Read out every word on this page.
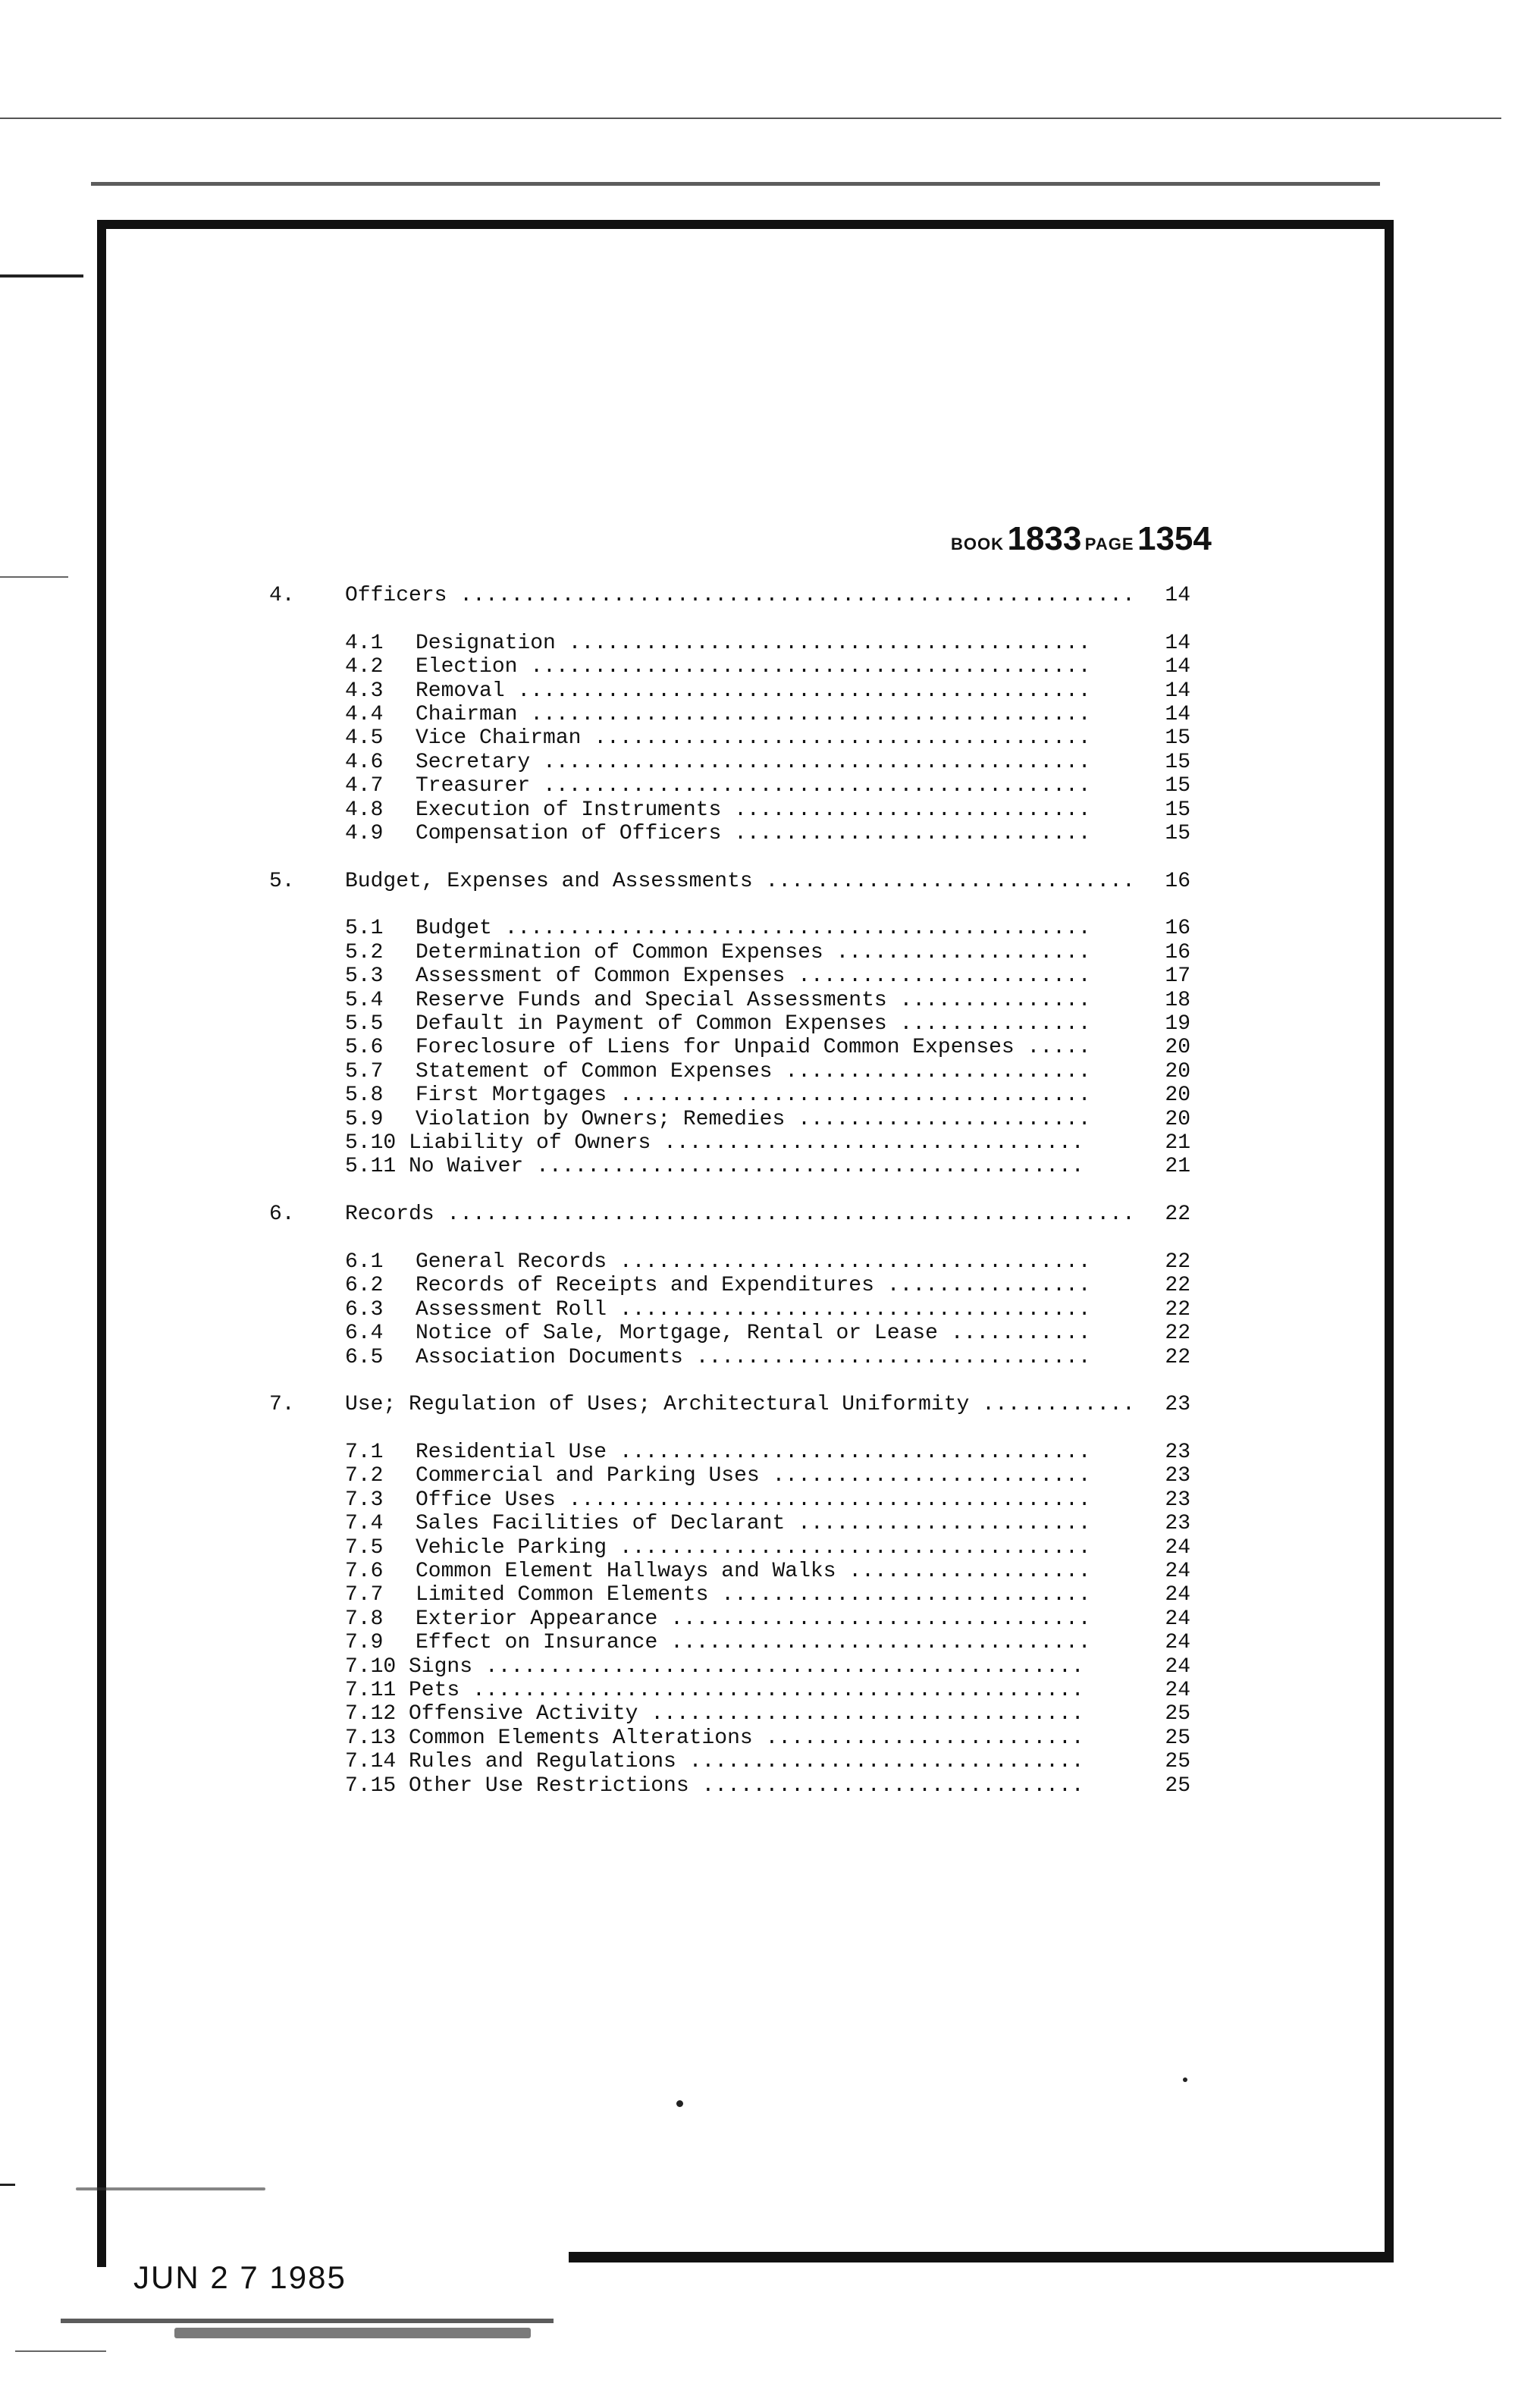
BOOK 1833 PAGE 1354
4. Officers ..................................................... 14
4.1 Designation .........................................	14
4.2 Election ............................................	14
4.3 Removal .............................................	14
4.4 Chairman ............................................	14
4.5 Vice Chairman .......................................	15
4.6 Secretary ...........................................	15
4.7 Treasurer ...........................................	15
4.8 Execution of Instruments ............................	15
4.9 Compensation of Officers ............................	15
5. Budget, Expenses and Assessments ............................. 16
5.1 Budget ..............................................	16
5.2 Determination of Common Expenses ....................	16
5.3 Assessment of Common Expenses .......................	17
5.4 Reserve Funds and Special Assessments ...............	18
5.5 Default in Payment of Common Expenses ...............	19
5.6 Foreclosure of Liens for Unpaid Common Expenses .....	20
5.7 Statement of Common Expenses ........................	20
5.8 First Mortgages .....................................	20
5.9 Violation by Owners; Remedies .......................	20
5.10 Liability of Owners .................................	21
5.11 No Waiver ...........................................	21
6. Records ...................................................... 22
6.1 General Records .....................................	22
6.2 Records of Receipts and Expenditures ................	22
6.3 Assessment Roll .....................................	22
6.4 Notice of Sale, Mortgage, Rental or Lease ...........	22
6.5 Association Documents ...............................	22
7. Use; Regulation of Uses; Architectural Uniformity ............ 23
7.1 Residential Use .....................................	23
7.2 Commercial and Parking Uses .........................	23
7.3 Office Uses .........................................	23
7.4 Sales Facilities of Declarant .......................	23
7.5 Vehicle Parking .....................................	24
7.6 Common Element Hallways and Walks ...................	24
7.7 Limited Common Elements .............................	24
7.8 Exterior Appearance .................................	24
7.9 Effect on Insurance .................................	24
7.10 Signs ...............................................	24
7.11 Pets ................................................	24
7.12 Offensive Activity ..................................	25
7.13 Common Elements Alterations .........................	25
7.14 Rules and Regulations ...............................	25
7.15 Other Use Restrictions ..............................	25
JUN 2 7 1985
